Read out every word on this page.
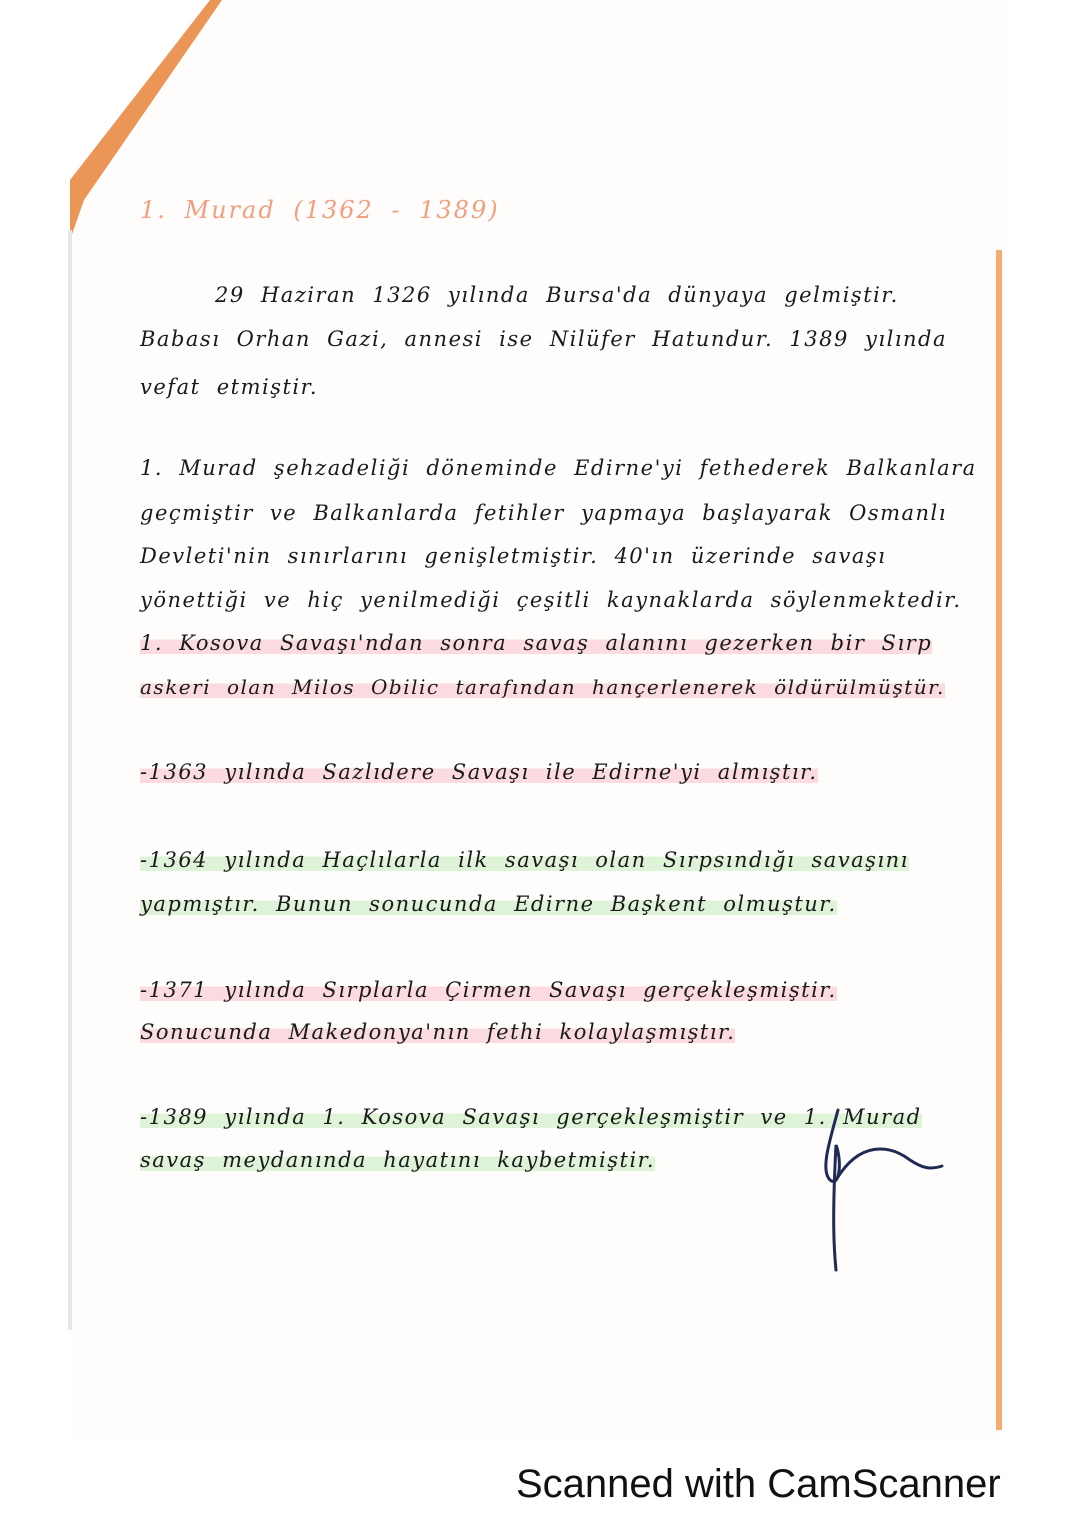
1. Murad (1362 - 1389)
29 Haziran 1326 yılında Bursa'da dünyaya gelmiştir.
Babası Orhan Gazi, annesi ise Nilüfer Hatundur. 1389 yılında
vefat etmiştir.
1. Murad şehzadeliği döneminde Edirne'yi fethederek Balkanlara
geçmiştir ve Balkanlarda fetihler yapmaya başlayarak Osmanlı
Devleti'nin sınırlarını genişletmiştir. 40'ın üzerinde savaşı
yönettiği ve hiç yenilmediği çeşitli kaynaklarda söylenmektedir.
1. Kosova Savaşı'ndan sonra savaş alanını gezerken bir Sırp
askeri olan Milos Obilic tarafından hançerlenerek öldürülmüştür.
-1363 yılında Sazlıdere Savaşı ile Edirne'yi almıştır.
-1364 yılında Haçlılarla ilk savaşı olan Sırpsındığı savaşını
yapmıştır. Bunun sonucunda Edirne Başkent olmuştur.
-1371 yılında Sırplarla Çirmen Savaşı gerçekleşmiştir.
Sonucunda Makedonya'nın fethi kolaylaşmıştır.
-1389 yılında 1. Kosova Savaşı gerçekleşmiştir ve 1. Murad
savaş meydanında hayatını kaybetmiştir.
Scanned with CamScanner
